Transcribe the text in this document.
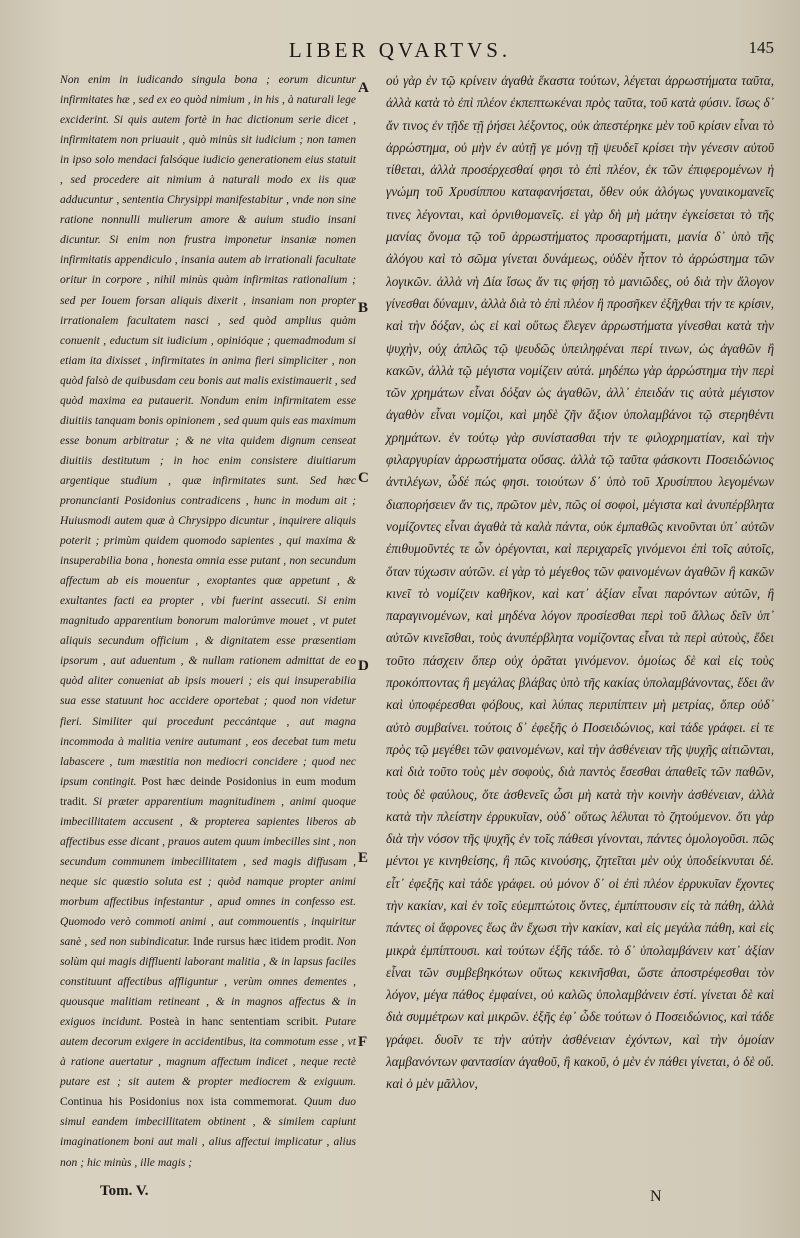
LIBER QVARTVS.	145

Non enim in iudicando singula bona ; eorum dicuntur infirmitates hæ , sed ex eo quòd nimium , in his , à naturali lege exciderint. Si quis autem fortè in hac dictionum serie dicet , infirmitatem non priuauit , quò minùs sit iudicium ; non tamen in ipso solo mendaci falsóque iudicio generationem eius statuit , sed procedere ait nimium à naturali modo ex iis quæ adducuntur , sententia Chrysippi manifestabitur , vnde non sine ratione nonnulli mulierum amore & auium studio insani dicuntur. Si enim non frustra imponetur insaniæ nomen infirmitatis appendiculo , insania autem ab irrationali facultate oritur in corpore , nihil minùs quàm infirmitas rationalium ; sed per Iouem forsan aliquis dixerit , insaniam non propter irrationalem facultatem nasci , sed quòd amplius quàm conuenit , eductum sit iudicium , opinióque ; quemadmodum si etiam ita dixisset , infirmitates in anima fieri simpliciter , non quòd falsò de quibusdam ceu bonis aut malis existimauerit , sed quòd maxima ea putauerit. Nondum enim infirmitatem esse diuitiis tanquam bonis opinionem , sed quum quis eas maximum esse bonum arbitratur ; & ne vita quidem dignum censeat diuitiis destitutum ; in hoc enim consistere diuitiarum argentique studium , quæ infirmitates sunt. Sed hæc pronuncianti Posidonius contradicens , hunc in modum ait ;

Huiusmodi autem quæ à Chrysippo dicuntur , inquirere aliquis poterit ; primùm quidem quomodo sapientes , qui maxima & insuperabilia bona , honesta omnia esse putant , non secundum affectum ab eis mouentur , exoptantes quæ appetunt , & exultantes facti ea propter , vbi fuerint assecuti. Si enim magnitudo apparentium bonorum malorúmve mouet , vt putet aliquis secundum officium , & dignitatem esse præsentiam ipsorum , aut aduentum , & nullam rationem admittat de eo quòd aliter conueniat ab ipsis moueri ; eis qui insuperabilia sua esse statuunt hoc accidere oportebat ; quod non videtur fieri. Similiter qui procedunt peccántque , aut magna incommoda à malitia venire autumant , eos decebat tum metu labascere , tum mæstitia non mediocri concidere ; quod nec ipsum contingit.

Post hæc deinde Posidonius in eum modum tradit.

Si præter apparentium magnitudinem , animi quoque imbecillitatem accusent , & propterea sapientes liberos ab affectibus esse dicant , prauos autem quum imbecilles sint , non secundum communem imbecillitatem , sed magis diffusam , neque sic quæstio soluta est ; quòd namque propter animi morbum affectibus infestantur , apud omnes in confesso est. Quomodo verò commoti animi , aut commouentis , inquiritur sanè , sed non subindicatur.

Inde rursus hæc itidem prodit.

Non solùm qui magis diffluenti laborant malitia , & in lapsus faciles constituunt affectibus affliguntur , verùm omnes dementes , quousque malitiam retineant , & in magnos affectus & in exiguos incidunt.

Posteà in hanc sententiam scribit.

Putare autem decorum exigere in accidentibus, ita commotum esse , vt à ratione auertatur , magnum affectum indicet , neque rectè putare est ; sit autem & propter mediocrem & exiguum.

Continua his Posidonius nox ista commemorat.

Quum duo simul eandem imbecillitatem obtinent , & similem capiunt imaginationem boni aut mali , alius affectui implicatur , alius non ; hic minùs , ille magis ;

A
B
C
D
E
F

οὐ γὰρ ἐν τῷ κρίνειν ἀγαθὰ ἕκαστα τούτων, λέγεται ἀρρωστήματα ταῦτα, ἀλλὰ κατὰ τὸ ἐπὶ πλέον ἐκπεπτωκέναι πρὸς ταῦτα, τοῦ κατὰ φύσιν. ἴσως δ᾽ ἄν τινος ἐν τῇδε τῇ ῥήσει λέξοντος, οὐκ ἀπεστέρηκε μὲν τοῦ κρίσιν εἶναι τὸ ἀρρώστημα, οὐ μὴν ἐν αὐτῇ γε μόνῃ τῇ ψευδεῖ κρίσει τὴν γένεσιν αὐτοῦ τίθεται, ἀλλὰ προσέρχεσθαί φησι τὸ ἐπὶ πλέον, ἐκ τῶν ἐπιφερομένων ἡ γνώμη τοῦ Χρυσίππου καταφανήσεται, ὅθεν οὐκ ἀλόγως γυναικομανεῖς τινες λέγονται, καὶ ὀρνιθομανεῖς. εἰ γὰρ δὴ μὴ μάτην ἐγκείσεται τὸ τῆς μανίας ὄνομα τῷ τοῦ ἀρρωστήματος προσαρτήματι, μανία δ᾽ ὑπὸ τῆς ἀλόγου καὶ τὸ σῶμα γίνεται δυνάμεως, οὐδὲν ἧττον τὸ ἀρρώστημα τῶν λογικῶν. ἀλλὰ νὴ Δία ἴσως ἄν τις φήσῃ τὸ μανιῶδες, οὐ διὰ τὴν ἄλογον γίνεσθαι δύναμιν, ἀλλὰ διὰ τὸ ἐπὶ πλέον ἢ προσῆκεν ἐξῆχθαι τήν τε κρίσιν, καὶ τὴν δόξαν, ὡς εἰ καὶ οὕτως ἔλεγεν ἀρρωστήματα γίνεσθαι κατὰ τὴν ψυχὴν, οὐχ ἁπλῶς τῷ ψευδῶς ὑπειληφέναι περί τινων, ὡς ἀγαθῶν ἢ κακῶν, ἀλλὰ τῷ μέγιστα νομίζειν αὐτά. μηδέπω γὰρ ἀρρώστημα τὴν περὶ τῶν χρημάτων εἶναι δόξαν ὡς ἀγαθῶν, ἀλλ᾽ ἐπειδάν τις αὐτὰ μέγιστον ἀγαθὸν εἶναι νομίζοι, καὶ μηδὲ ζῆν ἄξιον ὑπολαμβάνοι τῷ στερηθέντι χρημάτων. ἐν τούτῳ γὰρ συνίστασθαι τήν τε φιλοχρηματίαν, καὶ τὴν φιλαργυρίαν ἀρρωστήματα οὔσας. ἀλλὰ τῷ ταῦτα φάσκοντι Ποσειδώνιος ἀντιλέγων, ὧδέ πώς φησι. τοιούτων δ᾽ ὑπὸ τοῦ Χρυσίππου λεγομένων διαπορήσειεν ἄν τις, πρῶτον μὲν, πῶς οἱ σοφοὶ, μέγιστα καὶ ἀνυπέρβλητα νομίζοντες εἶναι ἀγαθὰ τὰ καλὰ πάντα, οὐκ ἐμπαθῶς κινοῦνται ὑπ᾽ αὐτῶν ἐπιθυμοῦντές τε ὧν ὀρέγονται, καὶ περιχαρεῖς γινόμενοι ἐπὶ τοῖς αὐτοῖς, ὅταν τύχωσιν αὐτῶν. εἰ γὰρ τὸ μέγεθος τῶν φαινομένων ἀγαθῶν ἢ κακῶν κινεῖ τὸ νομίζειν καθῆκον, καὶ κατ᾽ ἀξίαν εἶναι παρόντων αὐτῶν, ἢ παραγινομένων, καὶ μηδένα λόγον προσίεσθαι περὶ τοῦ ἄλλως δεῖν ὑπ᾽ αὐτῶν κινεῖσθαι, τοὺς ἀνυπέρβλητα νομίζοντας εἶναι τὰ περὶ αὐτοὺς, ἔδει τοῦτο πάσχειν ὅπερ οὐχ ὁρᾶται γινόμενον. ὁμοίως δὲ καὶ εἰς τοὺς προκόπτοντας ἢ μεγάλας βλάβας ὑπὸ τῆς κακίας ὑπολαμβάνοντας, ἔδει ἂν καὶ ὑποφέρεσθαι φόβους, καὶ λύπας περιπίπτειν μὴ μετρίας, ὅπερ οὐδ᾽ αὐτὸ συμβαίνει. τούτοις δ᾽ ἐφεξῆς ὁ Ποσειδώνιος, καὶ τάδε γράφει. εἰ τε πρὸς τῷ μεγέθει τῶν φαινομένων, καὶ τὴν ἀσθένειαν τῆς ψυχῆς αἰτιῶνται, καὶ διὰ τοῦτο τοὺς μὲν σοφοὺς, διὰ παντὸς ἔσεσθαι ἀπαθεῖς τῶν παθῶν, τοὺς δὲ φαύλους, ὅτε ἀσθενεῖς ὦσι μὴ κατὰ τὴν κοινὴν ἀσθένειαν, ἀλλὰ κατὰ τὴν πλείστην ἐρρυκυῖαν, οὐδ᾽ οὕτως λέλυται τὸ ζητούμενον. ὅτι γὰρ διὰ τὴν νόσον τῆς ψυχῆς ἐν τοῖς πάθεσι γίνονται, πάντες ὁμολογοῦσι. πῶς μέντοι γε κινηθείσης, ἢ πῶς κινούσης, ζητεῖται μὲν οὐχ ὑποδείκνυται δέ. εἶτ᾽ ἐφεξῆς καὶ τάδε γράφει. οὐ μόνον δ᾽ οἱ ἐπὶ πλέον ἐρρυκυῖαν ἔχοντες τὴν κακίαν, καὶ ἐν τοῖς εὐεμπτώτοις ὄντες, ἐμπίπτουσιν εἰς τὰ πάθη, ἀλλὰ πάντες οἱ ἄφρονες ἕως ἂν ἔχωσι τὴν κακίαν, καὶ εἰς μεγάλα πάθη, καὶ εἰς μικρὰ ἐμπίπτουσι. καὶ τούτων ἐξῆς τάδε. τὸ δ᾽ ὑπολαμβάνειν κατ᾽ ἀξίαν εἶναι τῶν συμβεβηκότων οὕτως κεκινῆσθαι, ὥστε ἀποστρέφεσθαι τὸν λόγον, μέγα πάθος ἐμφαίνει, οὐ καλῶς ὑπολαμβάνειν ἐστί. γίνεται δὲ καὶ διὰ συμμέτρων καὶ μικρῶν. ἑξῆς ἐφ᾽ ὧδε τούτων ὁ Ποσειδώνιος, καὶ τάδε γράφει. δυοῖν τε τὴν αὐτὴν ἀσθένειαν ἐχόντων, καὶ τὴν ὁμοίαν λαμβανόντων φαντασίαν ἀγαθοῦ, ἢ κακοῦ, ὁ μὲν ἐν πάθει γίνεται, ὁ δὲ οὔ. καὶ ὁ μὲν μᾶλλον,

Tom. V.	N
